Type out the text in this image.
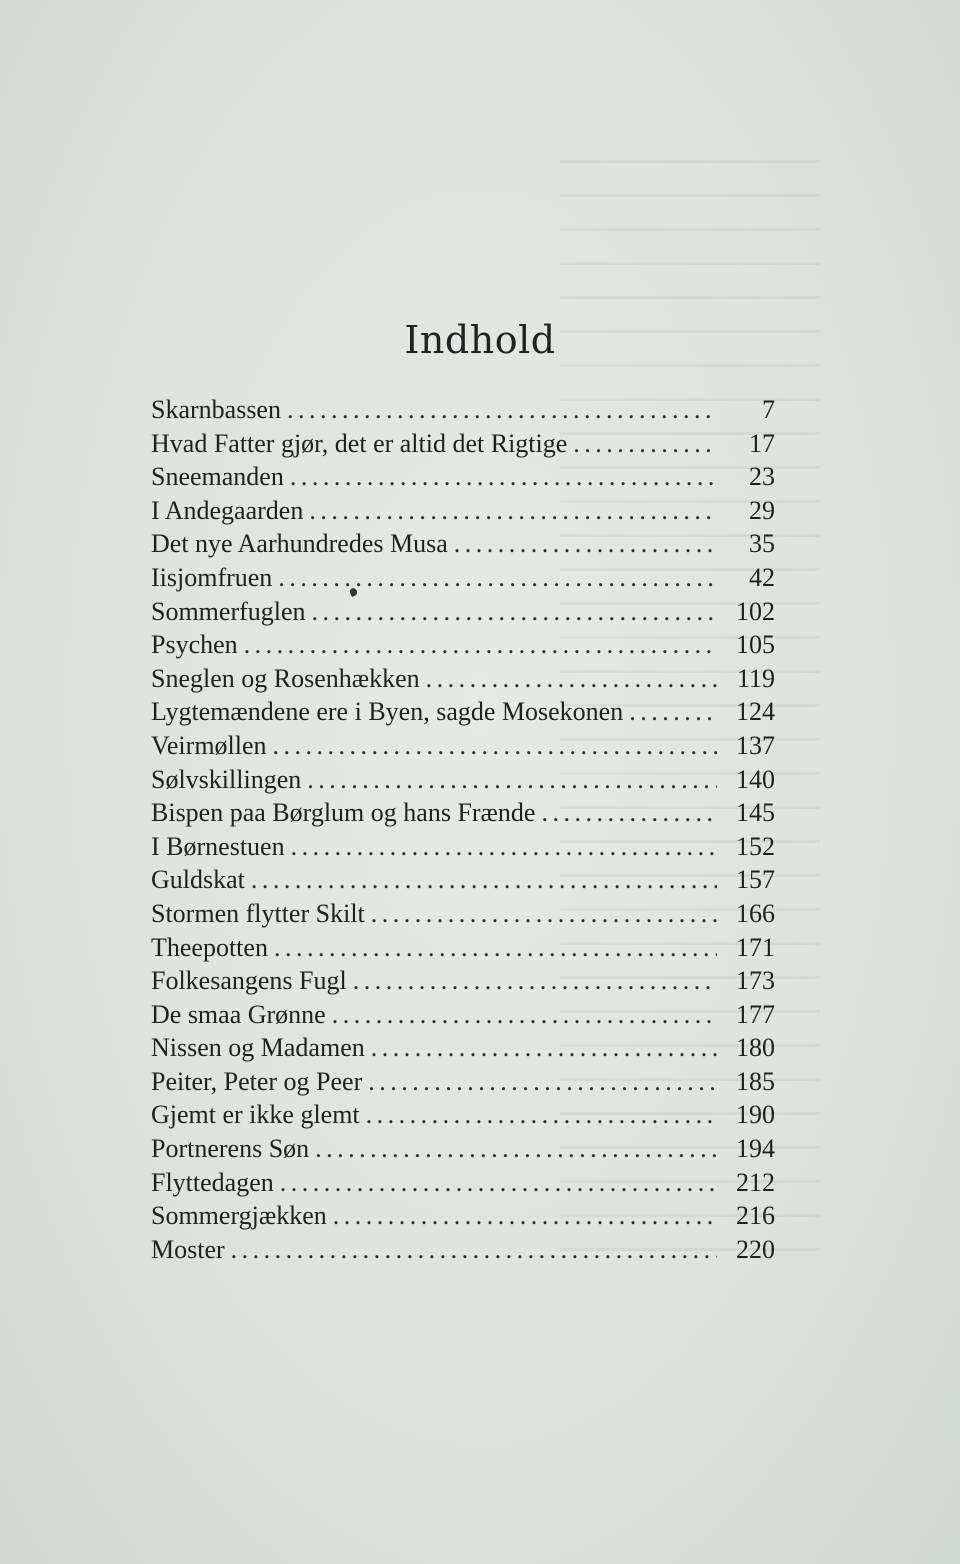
Indhold
Skarnbassen . . .	7
Hvad Fatter gjør, det er altid det Rigtige . . .	17
Sneemanden . . .	23
I Andegaarden . . .	29
Det nye Aarhundredes Musa . . .	35
Iisjomfruen . . .	42
Sommerfuglen . . .	102
Psychen . . .	105
Sneglen og Rosenhækken . . .	119
Lygtemændene ere i Byen, sagde Mosekonen . . .	124
Veirmøllen . . .	137
Sølvskillingen . . .	140
Bispen paa Børglum og hans Frænde . . .	145
I Børnestuen . . .	152
Guldskat . . .	157
Stormen flytter Skilt . . .	166
Theepotten . . .	171
Folkesangens Fugl . . .	173
De smaa Grønne . . .	177
Nissen og Madamen . . .	180
Peiter, Peter og Peer . . .	185
Gjemt er ikke glemt . . .	190
Portnerens Søn . . .	194
Flyttedagen . . .	212
Sommergjækken . . .	216
Moster . . .	220
